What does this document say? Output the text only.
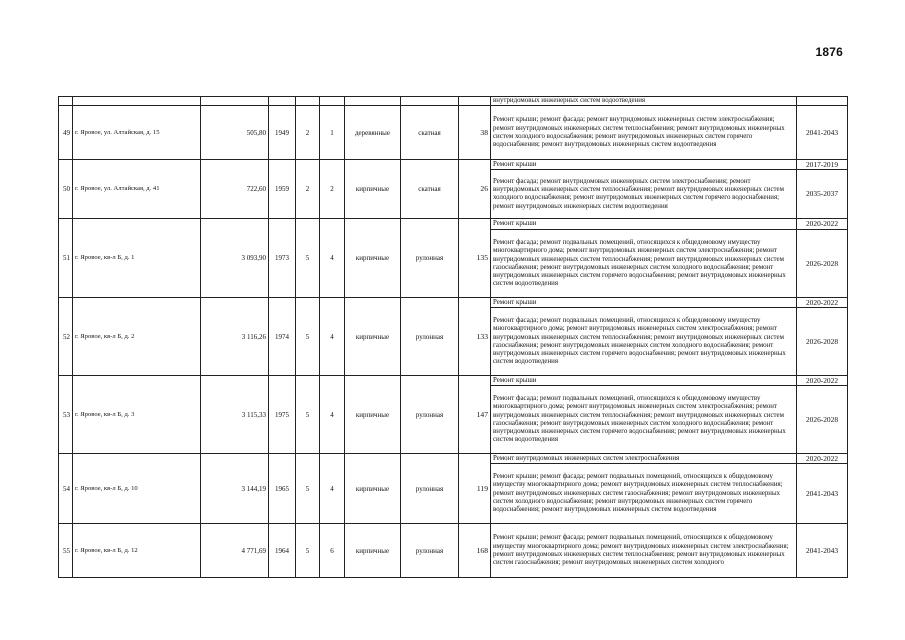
1876
									внутридомовых инженерных систем водоотведения	
49	г. Яровое, ул. Алтайская, д. 15	505,80	1949	2	1	деревянные	скатная	38	Ремонт крыши; ремонт фасада; ремонт внутридомовых инженерных систем электроснабжения; ремонт внутридомовых инженерных систем теплоснабжения; ремонт внутридомовых инженерных систем холодного водоснабжения; ремонт внутридомовых инженерных систем горячего водоснабжения; ремонт внутридомовых инженерных систем водоотведения	2041-2043
50	г. Яровое, ул. Алтайская, д. 41	722,60	1959	2	2	кирпичные	скатная	26	Ремонт крыши	2017-2019
									Ремонт фасада; ремонт внутридомовых инженерных систем электроснабжения; ремонт внутридомовых инженерных систем теплоснабжения; ремонт внутридомовых инженерных систем холодного водоснабжения; ремонт внутридомовых инженерных систем горячего водоснабжения; ремонт внутридомовых инженерных систем водоотведения	2035-2037
51	г. Яровое, кв-л Б, д. 1	3 093,90	1973	5	4	кирпичные	рулонная	135	Ремонт крыши	2020-2022
									Ремонт фасада; ремонт подвальных помещений, относящихся к общедомовому имуществу многоквартирного дома; ремонт внутридомовых инженерных систем электроснабжения; ремонт внутридомовых инженерных систем теплоснабжения; ремонт внутридомовых инженерных систем газоснабжения; ремонт внутридомовых инженерных систем холодного водоснабжения; ремонт внутридомовых инженерных систем горячего водоснабжения; ремонт внутридомовых инженерных систем водоотведения	2026-2028
52	г. Яровое, кв-л Б, д. 2	3 116,26	1974	5	4	кирпичные	рулонная	133	Ремонт крыши	2020-2022
									Ремонт фасада; ремонт подвальных помещений, относящихся к общедомовому имуществу многоквартирного дома; ремонт внутридомовых инженерных систем электроснабжения; ремонт внутридомовых инженерных систем теплоснабжения; ремонт внутридомовых инженерных систем газоснабжения; ремонт внутридомовых инженерных систем холодного водоснабжения; ремонт внутридомовых инженерных систем горячего водоснабжения; ремонт внутридомовых инженерных систем водоотведения	2026-2028
53	г. Яровое, кв-л Б, д. 3	3 115,33	1975	5	4	кирпичные	рулонная	147	Ремонт крыши	2020-2022
									Ремонт фасада; ремонт подвальных помещений, относящихся к общедомовому имуществу многоквартирного дома; ремонт внутридомовых инженерных систем электроснабжения; ремонт внутридомовых инженерных систем теплоснабжения; ремонт внутридомовых инженерных систем газоснабжения; ремонт внутридомовых инженерных систем холодного водоснабжения; ремонт внутридомовых инженерных систем горячего водоснабжения; ремонт внутридомовых инженерных систем водоотведения	2026-2028
54	г. Яровое, кв-л Б, д. 10	3 144,19	1965	5	4	кирпичные	рулонная	119	Ремонт внутридомовых инженерных систем электроснабжения	2020-2022
									Ремонт крыши; ремонт фасада; ремонт подвальных помещений, относящихся к общедомовому имуществу многоквартирного дома; ремонт внутридомовых инженерных систем теплоснабжения; ремонт внутридомовых инженерных систем газоснабжения; ремонт внутридомовых инженерных систем холодного водоснабжения; ремонт внутридомовых инженерных систем горячего водоснабжения; ремонт внутридомовых инженерных систем водоотведения	2041-2043
55	г. Яровое, кв-л Б, д. 12	4 771,69	1964	5	6	кирпичные	рулонная	168	Ремонт крыши; ремонт фасада; ремонт подвальных помещений, относящихся к общедомовому имуществу многоквартирного дома; ремонт внутридомовых инженерных систем электроснабжения; ремонт внутридомовых инженерных систем теплоснабжения; ремонт внутридомовых инженерных систем газоснабжения; ремонт внутридомовых инженерных систем холодного	2041-2043
